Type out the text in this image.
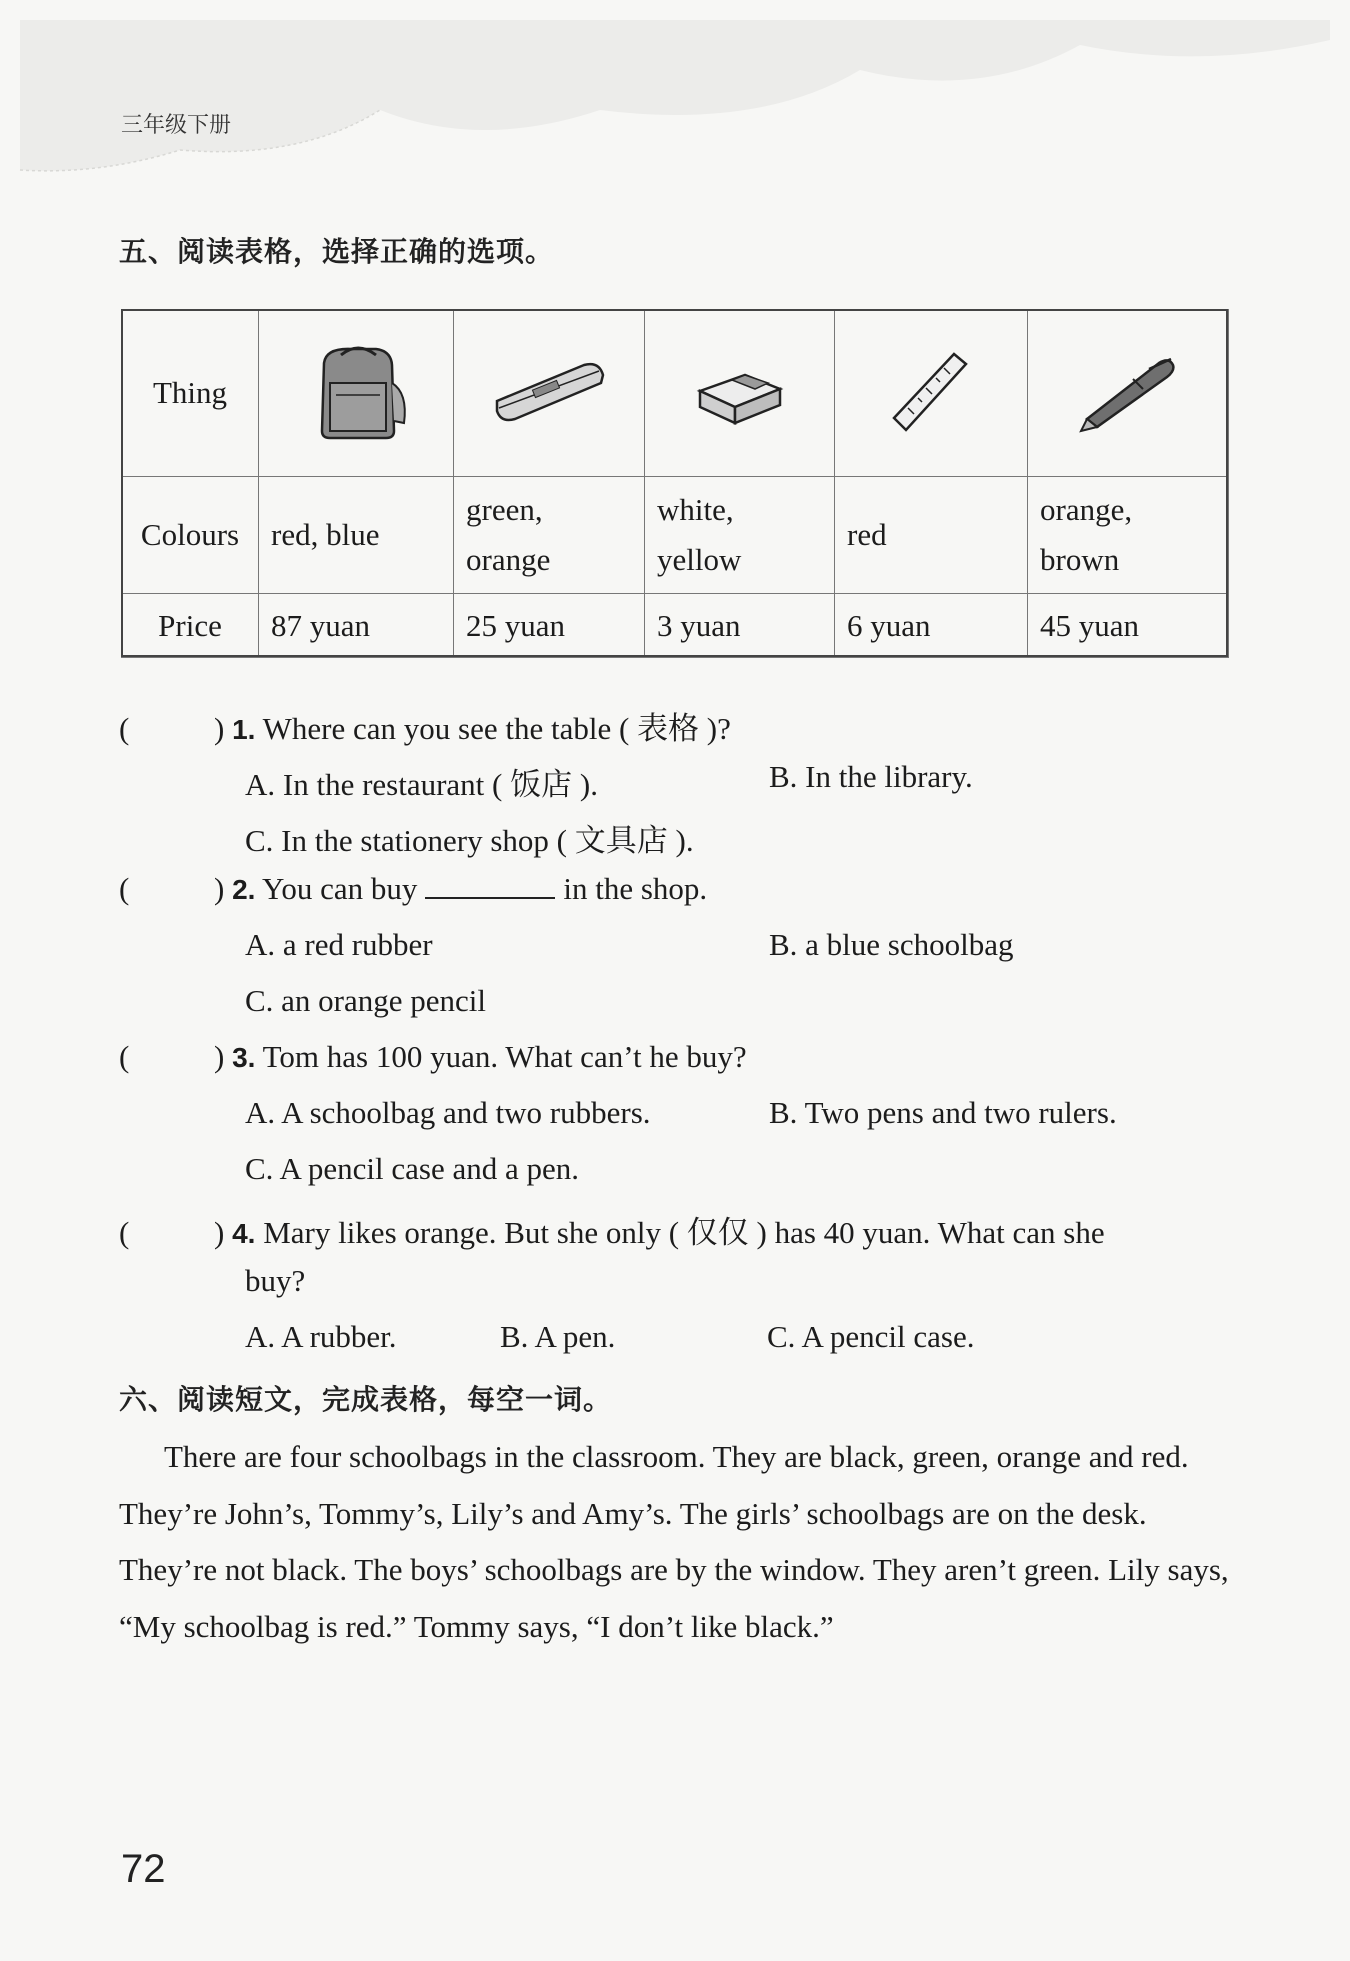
三年级下册
五、阅读表格，选择正确的选项。
Thing	

Colours	red, blue	green, orange	white, yellow	red	orange, brown
Price	87 yuan	25 yuan	3 yuan	6 yuan	45 yuan
(	) 1. Where can you see the table ( 表格 )?
A. In the restaurant ( 饭店 ).	B. In the library.
C. In the stationery shop ( 文具店 ).
(	) 2. You can buy	in the shop.
A. a red rubber	B. a blue schoolbag
C. an orange pencil
(	) 3. Tom has 100 yuan. What can’t he buy?
A. A schoolbag and two rubbers.	B. Two pens and two rulers.
C. A pencil case and a pen.
(	) 4. Mary likes orange. But she only ( 仅仅 ) has 40 yuan. What can she
buy?
A. A rubber.	B. A pen.	C. A pencil case.
六、阅读短文，完成表格，每空一词。
There are four schoolbags in the classroom. They are black, green, orange and red. They’re John’s, Tommy’s, Lily’s and Amy’s. The girls’ schoolbags are on the desk. They’re not black. The boys’ schoolbags are by the window. They aren’t green. Lily says, “My schoolbag is red.” Tommy says, “I don’t like black.”
72
